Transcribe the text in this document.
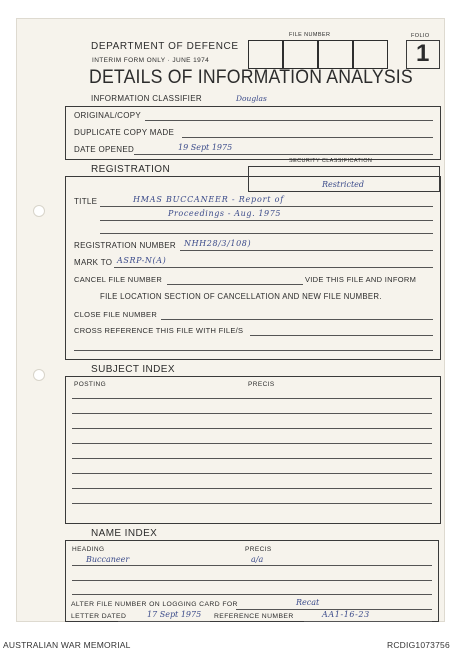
DEPARTMENT OF DEFENCE
INTERIM FORM ONLY · JUNE 1974
DETAILS OF INFORMATION ANALYSIS
INFORMATION CLASSIFIER	Douglas
FILE NUMBER	FOLIO
1
ORIGINAL/COPY
DUPLICATE COPY MADE
DATE OPENED	19 Sept 1975
REGISTRATION
SECURITY CLASSIFICATION
Restricted
TITLE	HMAS BUCCANEER - Report of
Proceedings - Aug. 1975
REGISTRATION NUMBER NHH28/3/108)
MARK TO ASRP-N(A)
CANCEL FILE NUMBER	VIDE THIS FILE AND INFORM
FILE LOCATION SECTION OF CANCELLATION AND NEW FILE NUMBER.
CLOSE FILE NUMBER
CROSS REFERENCE THIS FILE WITH FILE/S
SUBJECT INDEX
POSTING	PRECIS
NAME INDEX
HEADING
Buccaneer
PRECIS
a/a
ALTER FILE NUMBER ON LOGGING CARD FOR	Recat
LETTER DATED	17 Sept 1975 REFERENCE NUMBER	AA1-16-23
AUSTRALIAN WAR MEMORIAL	RCDIG1073756
